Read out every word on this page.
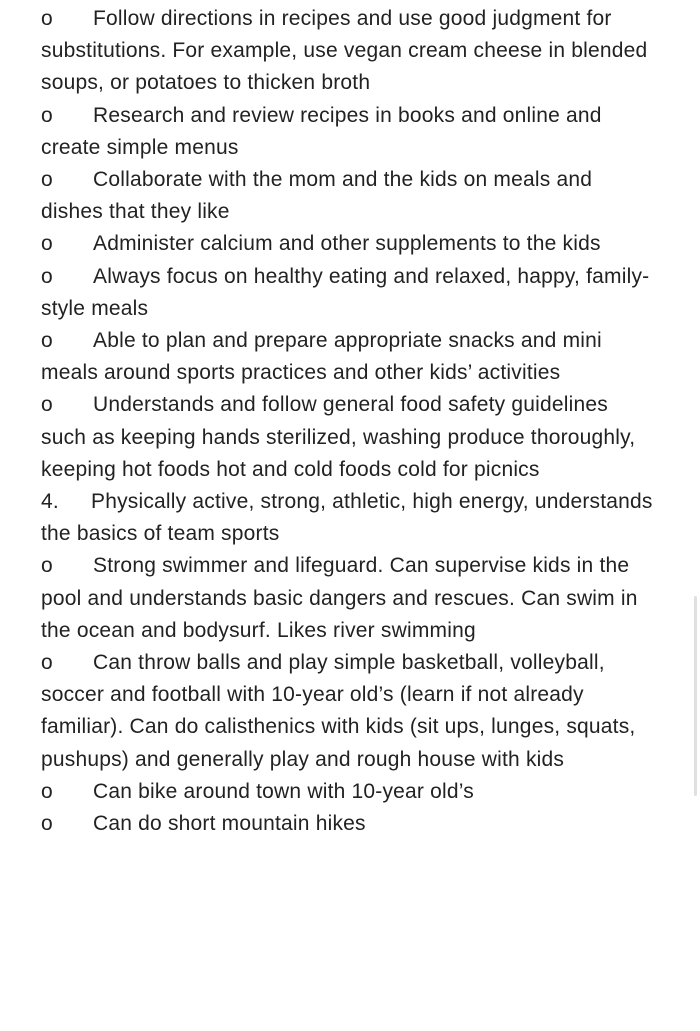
o Follow directions in recipes and use good judgment for substitutions. For example, use vegan cream cheese in blended soups, or potatoes to thicken broth

o Research and review recipes in books and online and create simple menus

o Collaborate with the mom and the kids on meals and dishes that they like

o Administer calcium and other supplements to the kids

o Always focus on healthy eating and relaxed, happy, family-style meals

o Able to plan and prepare appropriate snacks and mini meals around sports practices and other kids’ activities

o Understands and follow general food safety guidelines such as keeping hands sterilized, washing produce thoroughly, keeping hot foods hot and cold foods cold for picnics

4. Physically active, strong, athletic, high energy, understands the basics of team sports

o Strong swimmer and lifeguard. Can supervise kids in the pool and understands basic dangers and rescues. Can swim in the ocean and bodysurf. Likes river swimming

o Can throw balls and play simple basketball, volleyball, soccer and football with 10-year old’s (learn if not already familiar). Can do calisthenics with kids (sit ups, lunges, squats, pushups) and generally play and rough house with kids

o Can bike around town with 10-year old’s

o Can do short mountain hikes
